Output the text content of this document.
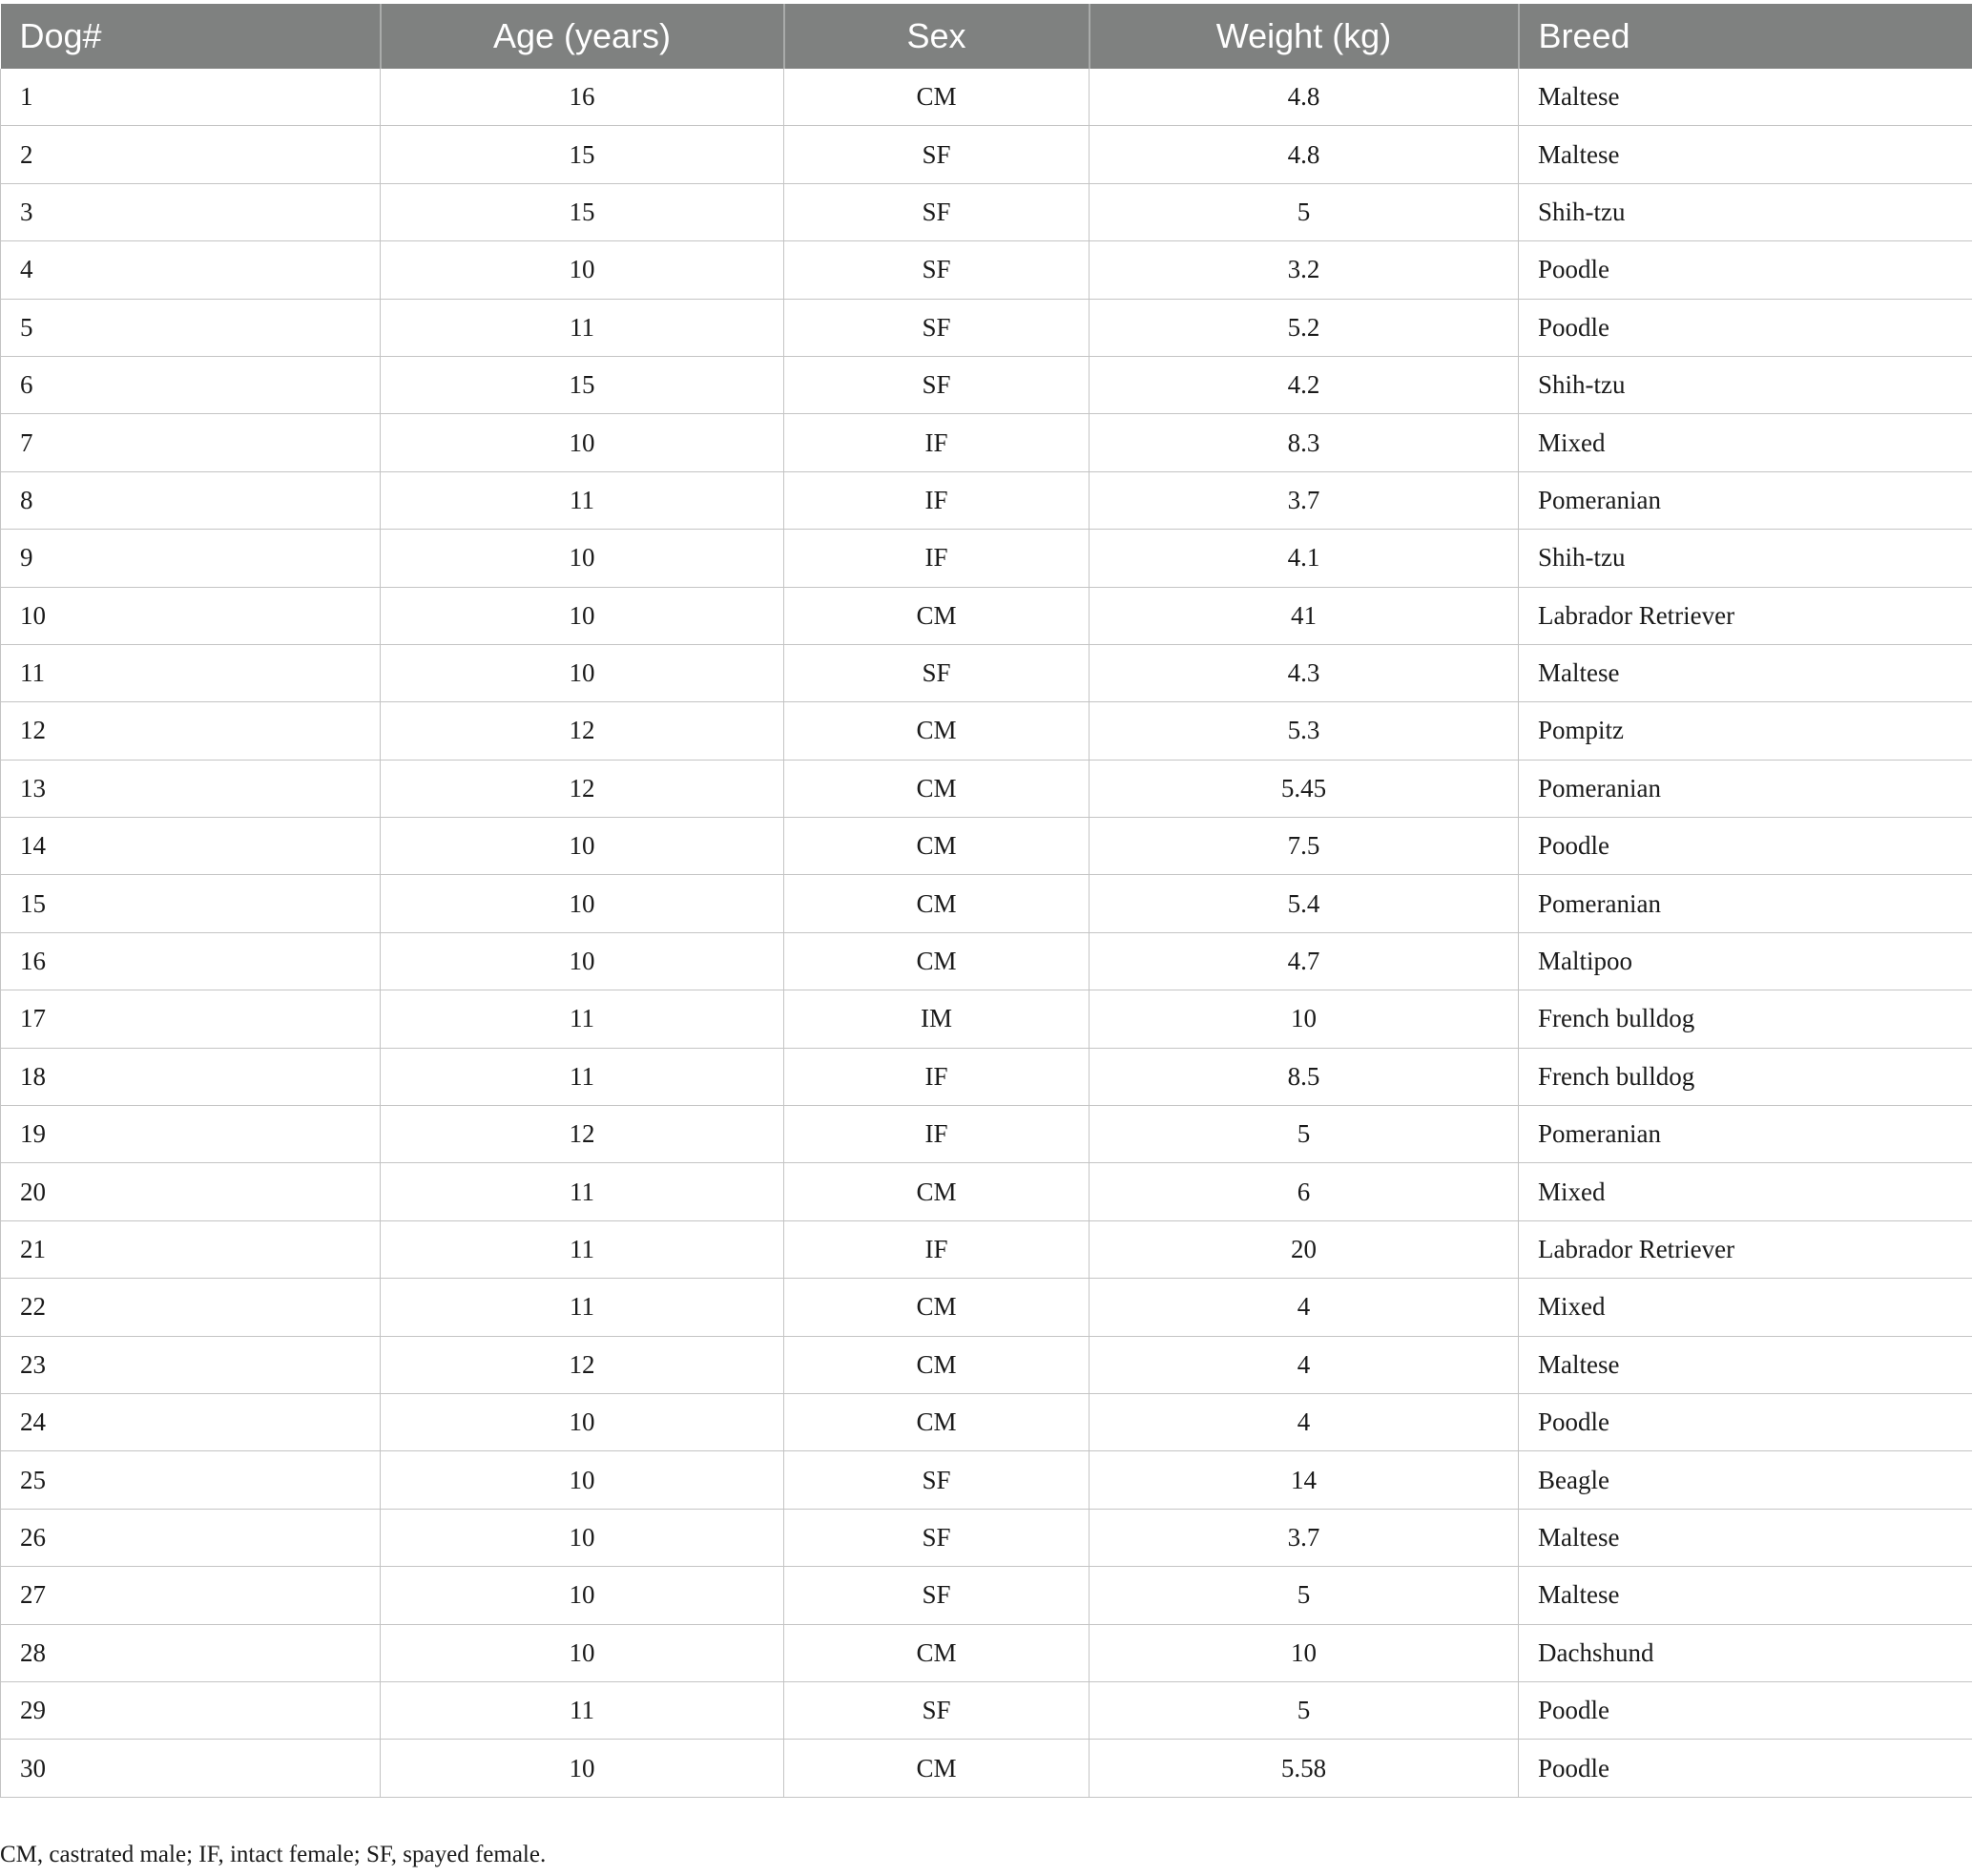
Dog#	Age (years)	Sex	Weight (kg)	Breed
1	16	CM	4.8	Maltese
2	15	SF	4.8	Maltese
3	15	SF	5	Shih-tzu
4	10	SF	3.2	Poodle
5	11	SF	5.2	Poodle
6	15	SF	4.2	Shih-tzu
7	10	IF	8.3	Mixed
8	11	IF	3.7	Pomeranian
9	10	IF	4.1	Shih-tzu
10	10	CM	41	Labrador Retriever
11	10	SF	4.3	Maltese
12	12	CM	5.3	Pompitz
13	12	CM	5.45	Pomeranian
14	10	CM	7.5	Poodle
15	10	CM	5.4	Pomeranian
16	10	CM	4.7	Maltipoo
17	11	IM	10	French bulldog
18	11	IF	8.5	French bulldog
19	12	IF	5	Pomeranian
20	11	CM	6	Mixed
21	11	IF	20	Labrador Retriever
22	11	CM	4	Mixed
23	12	CM	4	Maltese
24	10	CM	4	Poodle
25	10	SF	14	Beagle
26	10	SF	3.7	Maltese
27	10	SF	5	Maltese
28	10	CM	10	Dachshund
29	11	SF	5	Poodle
30	10	CM	5.58	Poodle
CM, castrated male; IF, intact female; SF, spayed female.
